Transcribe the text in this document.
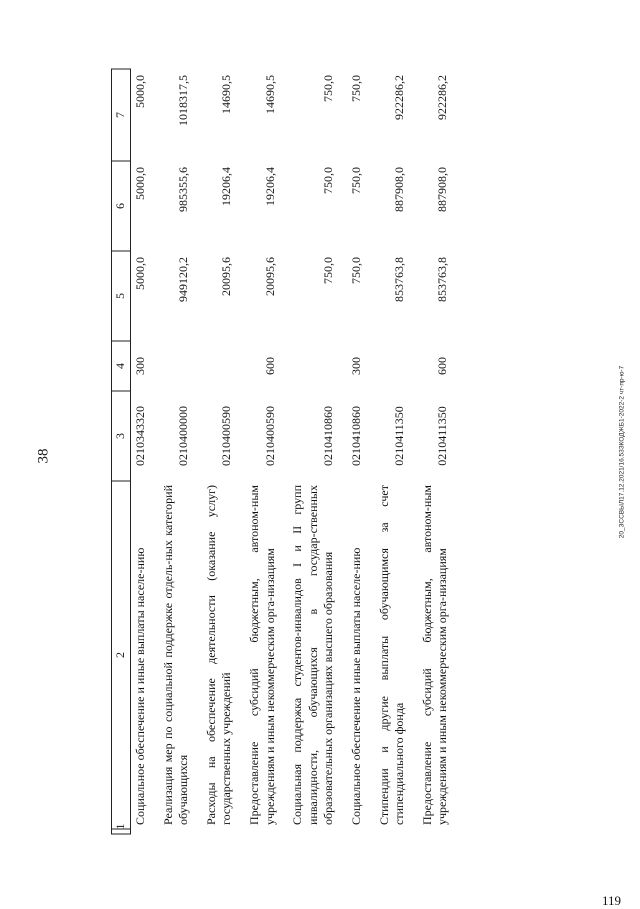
38	20_ЗССВЫЛ17.12.2021/16.53ЗКОДЖБ1-2022-2 чт-пр-ю-7
119
1	2	3	4	5	6	7
	Социальное обеспечение и иные выплаты населе-нию	0210343320	300	5000,0	5000,0	5000,0
	Реализация мер по социальной поддержке отдель-ных категорий обучающихся	0210400000		949120,2	985355,6	1018317,5
	Расходы на обеспечение деятельности (оказание услуг) государственных учреждений	0210400590		20095,6	19206,4	14690,5
	Предоставление субсидий бюджетным, автоном-ным учреждениям и иным некоммерческим орга-низациям	0210400590	600	20095,6	19206,4	14690,5
	Социальная поддержка студентов-инвалидов I и II групп инвалидности, обучающихся в государ-ственных образовательных организациях высшего образования	0210410860		750,0	750,0	750,0
	Социальное обеспечение и иные выплаты населе-нию	0210410860	300	750,0	750,0	750,0
	Стипендии и другие выплаты обучающимся за счет стипендиального фонда	0210411350		853763,8	887908,0	922286,2
	Предоставление субсидий бюджетным, автоном-ным учреждениям и иным некоммерческим орга-низациям	0210411350	600	853763,8	887908,0	922286,2
